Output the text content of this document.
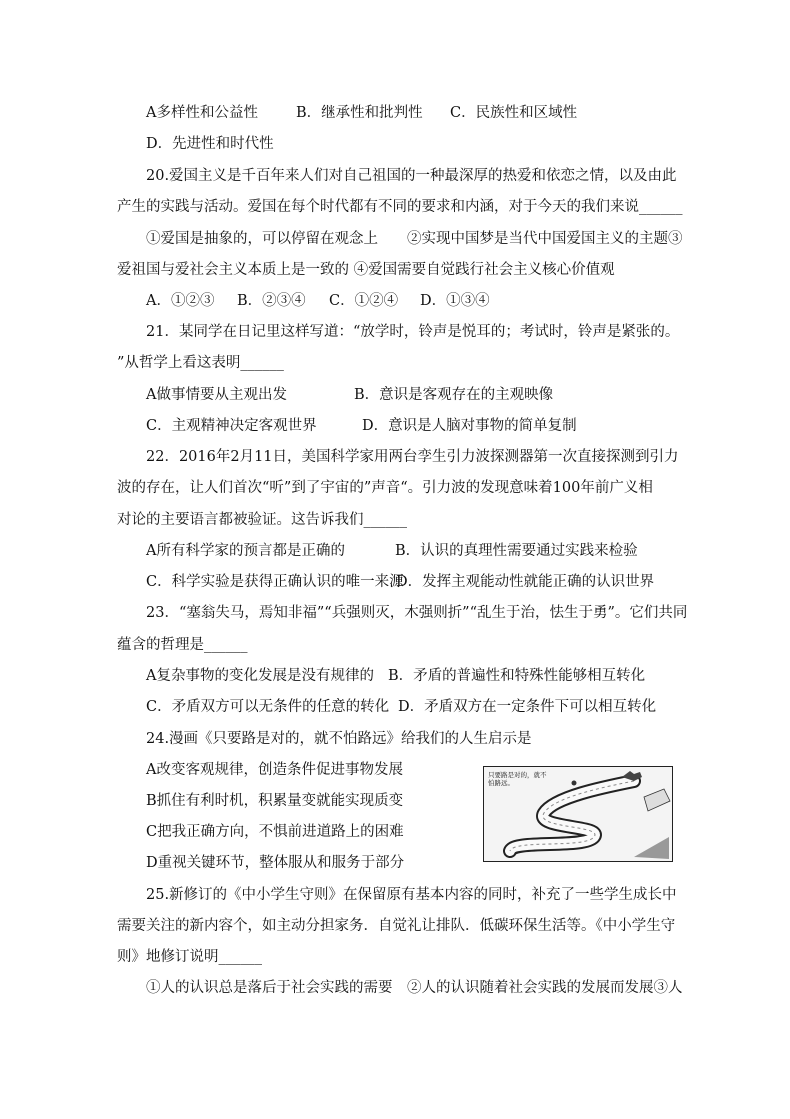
A多样性和公益性	B．继承性和批判性 C．民族性和区域性
D．先进性和时代性
20.爱国主义是千百年来人们对自己祖国的一种最深厚的热爱和依恋之情，以及由此
产生的实践与活动。爱国在每个时代都有不同的要求和内涵，对于今天的我们来说______
①爱国是抽象的，可以停留在观念上　　②实现中国梦是当代中国爱国主义的主题③
爱祖国与爱社会主义本质上是一致的 ④爱国需要自觉践行社会主义核心价值观
A．①②③ B．②③④ C．①②④ D．①③④
21．某同学在日记里这样写道：“放学时，铃声是悦耳的；考试时，铃声是紧张的。
”从哲学上看这表明______
A做事情要从主观出发	B．意识是客观存在的主观映像
C．主观精神决定客观世界	D．意识是人脑对事物的简单复制
22．2016年2月11日，美国科学家用两台孪生引力波探测器第一次直接探测到引力
波的存在，让人们首次“听”到了宇宙的”声音“。引力波的发现意味着100年前广义相
对论的主要语言都被验证。这告诉我们______
A所有科学家的预言都是正确的	B．认识的真理性需要通过实践来检验
C．科学实验是获得正确认识的唯一来源
D．发挥主观能动性就能正确的认识世界
23．“塞翁失马，焉知非福”“兵强则灭，木强则折”“乱生于治，怯生于勇”。它们共同
蕴含的哲理是______
A复杂事物的变化发展是没有规律的 B．矛盾的普遍性和特殊性能够相互转化
C．矛盾双方可以无条件的任意的转化 D．矛盾双方在一定条件下可以相互转化
24.漫画《只要路是对的，就不怕路远》给我们的人生启示是
A改变客观规律，创造条件促进事物发展
B抓住有利时机，积累量变就能实现质变
C把我正确方向，不惧前进道路上的困难
D重视关键环节，整体服从和服务于部分
只要路是对的，就不怕路远。
25.新修订的《中小学生守则》在保留原有基本内容的同时，补充了一些学生成长中
需要关注的新内容个，如主动分担家务．自觉礼让排队．低碳环保生活等。《中小学生守
则》地修订说明______
①人的认识总是落后于社会实践的需要　②人的认识随着社会实践的发展而发展③人
